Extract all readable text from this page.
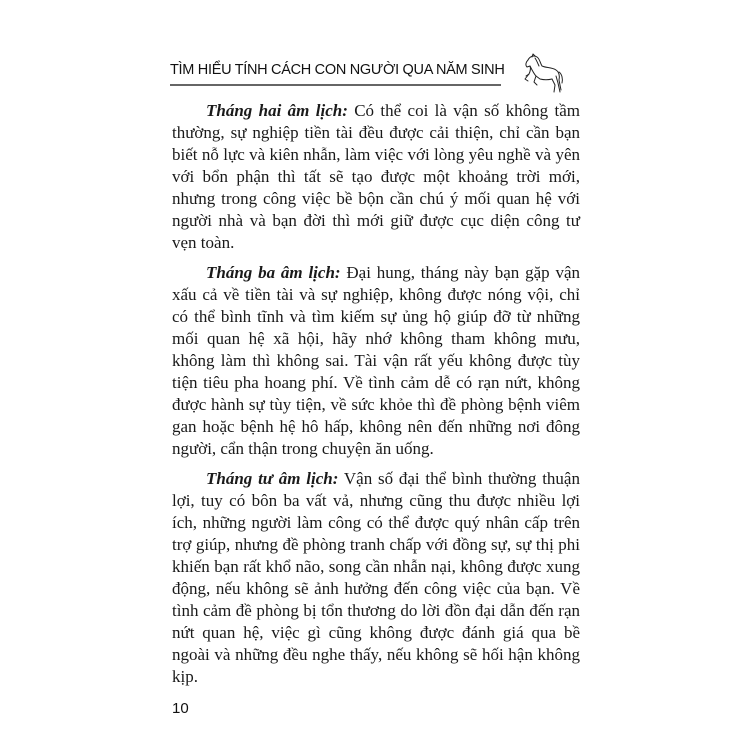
TÌM HIỂU TÍNH CÁCH CON NGƯỜI QUA NĂM SINH

Tháng hai âm lịch: Có thể coi là vận số không tầm thường, sự nghiệp tiền tài đều được cải thiện, chỉ cần bạn biết nỗ lực và kiên nhẫn, làm việc với lòng yêu nghề và yên với bổn phận thì tất sẽ tạo được một khoảng trời mới, nhưng trong công việc bề bộn cần chú ý mối quan hệ với người nhà và bạn đời thì mới giữ được cục diện công tư vẹn toàn.

Tháng ba âm lịch: Đại hung, tháng này bạn gặp vận xấu cả về tiền tài và sự nghiệp, không được nóng vội, chỉ có thể bình tĩnh và tìm kiếm sự ủng hộ giúp đỡ từ những mối quan hệ xã hội, hãy nhớ không tham không mưu, không làm thì không sai. Tài vận rất yếu không được tùy tiện tiêu pha hoang phí. Về tình cảm dễ có rạn nứt, không được hành sự tùy tiện, về sức khỏe thì đề phòng bệnh viêm gan hoặc bệnh hệ hô hấp, không nên đến những nơi đông người, cẩn thận trong chuyện ăn uống.

Tháng tư âm lịch: Vận số đại thể bình thường thuận lợi, tuy có bôn ba vất vả, nhưng cũng thu được nhiều lợi ích, những người làm công có thể được quý nhân cấp trên trợ giúp, nhưng đề phòng tranh chấp với đồng sự, sự thị phi khiến bạn rất khổ não, song cần nhẫn nại, không được xung động, nếu không sẽ ảnh hưởng đến công việc của bạn. Về tình cảm đề phòng bị tổn thương do lời đồn đại dẫn đến rạn nứt quan hệ, việc gì cũng không được đánh giá qua bề ngoài và những đều nghe thấy, nếu không sẽ hối hận không kịp.

10
